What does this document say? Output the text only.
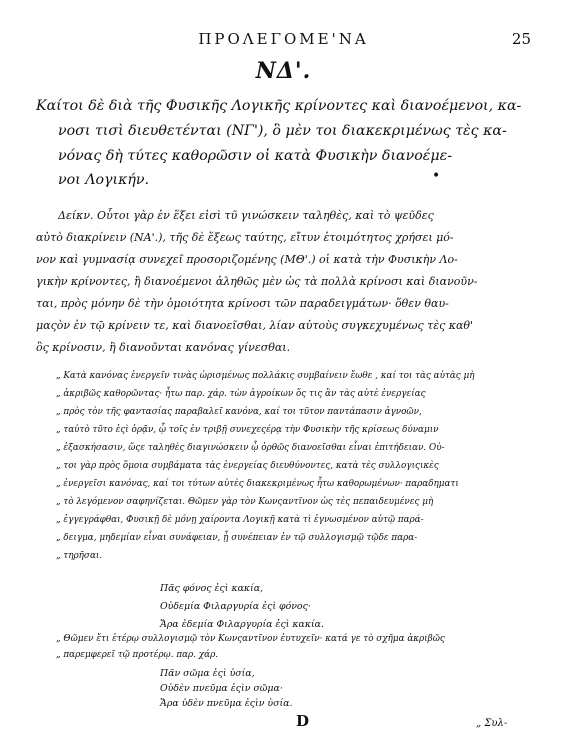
ΠΡΟΛΕΓΟΜΕ'ΝΑ	25
ΝΔ'.
Καίτοι δὲ διὰ τῆς Φυσικῆς Λογικῆς κρίνοντες καὶ διανοέμενοι, κα-
νοσι τισὶ διευθετένται (ΝΓ'), ὃ μὲν τοι διακεκριμένως τὲς κα-
νόνας δὴ τύτες καθορῶσιν οἱ κατὰ Φυσικὴν διανοέμε-
νοι Λογικήν.	•
Δείκν. Οὗτοι γὰρ ἐν ἕξει εἰσὶ τῦ γινώσκειν ταληθὲς, καὶ τὸ ψεῦδες
αὐτὸ διακρίνειν (ΝΑ'.), τῆς δὲ ἕξεως ταύτης, εἴτυν ἑτοιμότητος χρήσει μό-
νον καὶ γυμνασίᾳ συνεχεῖ προσοριζομένης (ΜΘ'.) οἱ κατὰ τὴν Φυσικὴν Λο-
γικὴν κρίνοντες, ἢ διανοέμενοι ἀληθῶς μὲν ὡς τὰ πολλὰ κρίνοσι καὶ διανοῦν-
ται, πρὸς μόνην δὲ τὴν ὁμοιότητα κρίνοσι τῶν παραδειγμάτων· ὅθεν θαυ-
μαςὸν ἐν τῷ κρίνειν τε, καὶ διανοεῖσθαι, λίαν αὐτοὺς συγκεχυμένως τὲς καθ'
ὃς κρίνοσιν, ἢ διανοῦνται κανόνας γίνεσθαι.
„ Κατὰ κανόνας ἐνεργεῖν τινὰς ὡρισμένως πολλάκις συμβαίνειν ἔωθε , καί τοι τὰς αὐτὰς μὴ
„ ἀκριβῶς καθορῶντας· ἦτω παρ. χάρ. τὼν ἀγροίκων ὅς τις ἂν τὰς αὐτὲ ἐνεργείας
„ πρὸς τὸν τῆς φαντασίας παραβαλεῖ κανόνα, καί τοι τῦτον παντάπασιν ἀγνοῶν,
„ ταὐτὸ τῦτο ἐςὶ ὁρᾷν, ᾧ τοῖς ἐν τριβῇ συνεχεςέρᾳ τὴν Φυσικὴν τῆς κρίσεως δύναμιν
„ ἐξασκήσασιν, ὥςε ταληθὲς διαγινώσκειν ᾧ ὀρθῶς διανοεῖσθαι εἶναι ἐπιτήδειαν. Οὐ-
„ τοι γὰρ πρὸς ὅμοια συμβάματα τὰς ἐνεργείας διευθύνοντες, κατὰ τὲς συλλογιςικὲς
„ ἐνεργεῖσι κανόνας, καί τοι τύτων αὐτὲς διακεκριμένως ἦτω καθορωμένων· παραδηματι
„ τὸ λεγόμενον σαφηνίζεται. Θῶμεν γὰρ τὸν Κωνςαντῖνον ὡς τὲς πεπαιδευμένες μὴ
„ ἐγγεγράφθαι, Φυσικῇ δὲ μόνῃ χαίροντα Λογικῇ κατὰ τὶ ἐγνωσμένον αὐτῷ παρά-
„ δειγμα, μηδεμίαν εἶναι συνάφειαν, ᾗ συνέπειαν ἐν τῷ συλλογισμῷ τῷδε παρα-
„ τηρῆσαι.
Πᾶς φόνος ἐςὶ κακία,
Οὐδεμία Φιλαργυρία ἐςὶ φόνος·
Ἄρα ἐδεμία Φιλαργυρία ἐςὶ κακία.
„ Θῶμεν ἔτι ἑτέρῳ συλλογισμῷ τὸν Κωνςαντῖνον ἐυτυχεῖν· κατά γε τὸ σχῆμα ἀκριβῶς
„ παρεμφερεῖ τῷ προτέρῳ. παρ. χάρ.
D	„ Συλ-
Πᾶν σῶμα ἐςὶ ὐσία,
Οὐδὲν πνεῦμα ἐςὶν σῶμα·
Ἄρα ὐδὲν πνεῦμα ἐςὶν ὐσία.
